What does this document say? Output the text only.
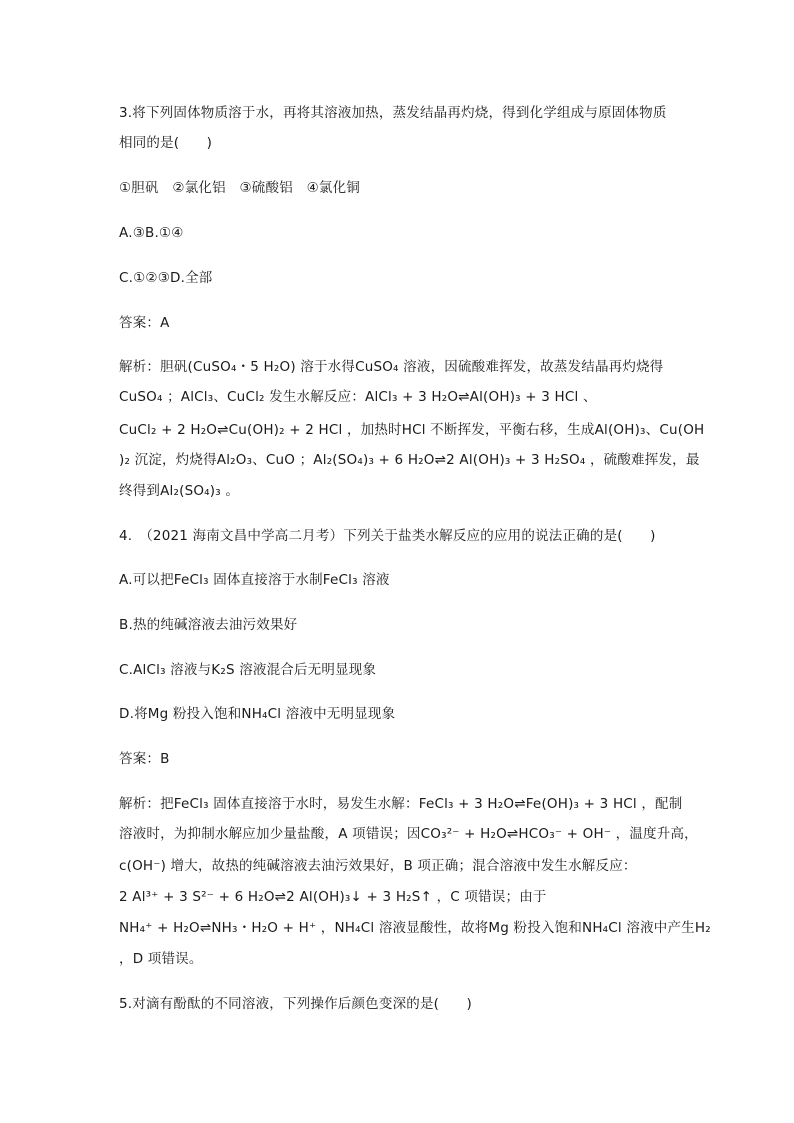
3.将下列固体物质溶于水，再将其溶液加热，蒸发结晶再灼烧，得到化学组成与原固体物质
相同的是(　　)
①胆矾　②氯化铝　③硫酸铝　④氯化铜
A.③B.①④
C.①②③D.全部
答案：A
解析：胆矾(CuSO₄・5 H₂O) 溶于水得CuSO₄ 溶液，因硫酸难挥发，故蒸发结晶再灼烧得
CuSO₄ ；AlCl₃、CuCl₂ 发生水解反应：AlCl₃ + 3 H₂O⇌Al(OH)₃ + 3 HCl 、
CuCl₂ + 2 H₂O⇌Cu(OH)₂ + 2 HCl ，加热时HCl 不断挥发，平衡右移，生成Al(OH)₃、Cu(OH
)₂ 沉淀，灼烧得Al₂O₃、CuO ；Al₂(SO₄)₃ + 6 H₂O⇌2 Al(OH)₃ + 3 H₂SO₄ ，硫酸难挥发，最
终得到Al₂(SO₄)₃ 。
4.　（2021 海南文昌中学高二月考）下列关于盐类水解反应的应用的说法正确的是(　　)
A.可以把FeCl₃ 固体直接溶于水制FeCl₃ 溶液
B.热的纯碱溶液去油污效果好
C.AlCl₃ 溶液与K₂S 溶液混合后无明显现象
D.将Mg 粉投入饱和NH₄Cl 溶液中无明显现象
答案：B
解析：把FeCl₃ 固体直接溶于水时，易发生水解：FeCl₃ + 3 H₂O⇌Fe(OH)₃ + 3 HCl ，配制
溶液时，为抑制水解应加少量盐酸，A 项错误；因CO₃²⁻ + H₂O⇌HCO₃⁻ + OH⁻ ，温度升高，
c(OH⁻) 增大，故热的纯碱溶液去油污效果好，B 项正确；混合溶液中发生水解反应：
2 Al³⁺ + 3 S²⁻ + 6 H₂O⇌2 Al(OH)₃↓ + 3 H₂S↑ ，C 项错误；由于
NH₄⁺ + H₂O⇌NH₃・H₂O + H⁺ ，NH₄Cl 溶液显酸性，故将Mg 粉投入饱和NH₄Cl 溶液中产生H₂
，D 项错误。
5.对滴有酚酞的不同溶液，下列操作后颜色变深的是(　　)
